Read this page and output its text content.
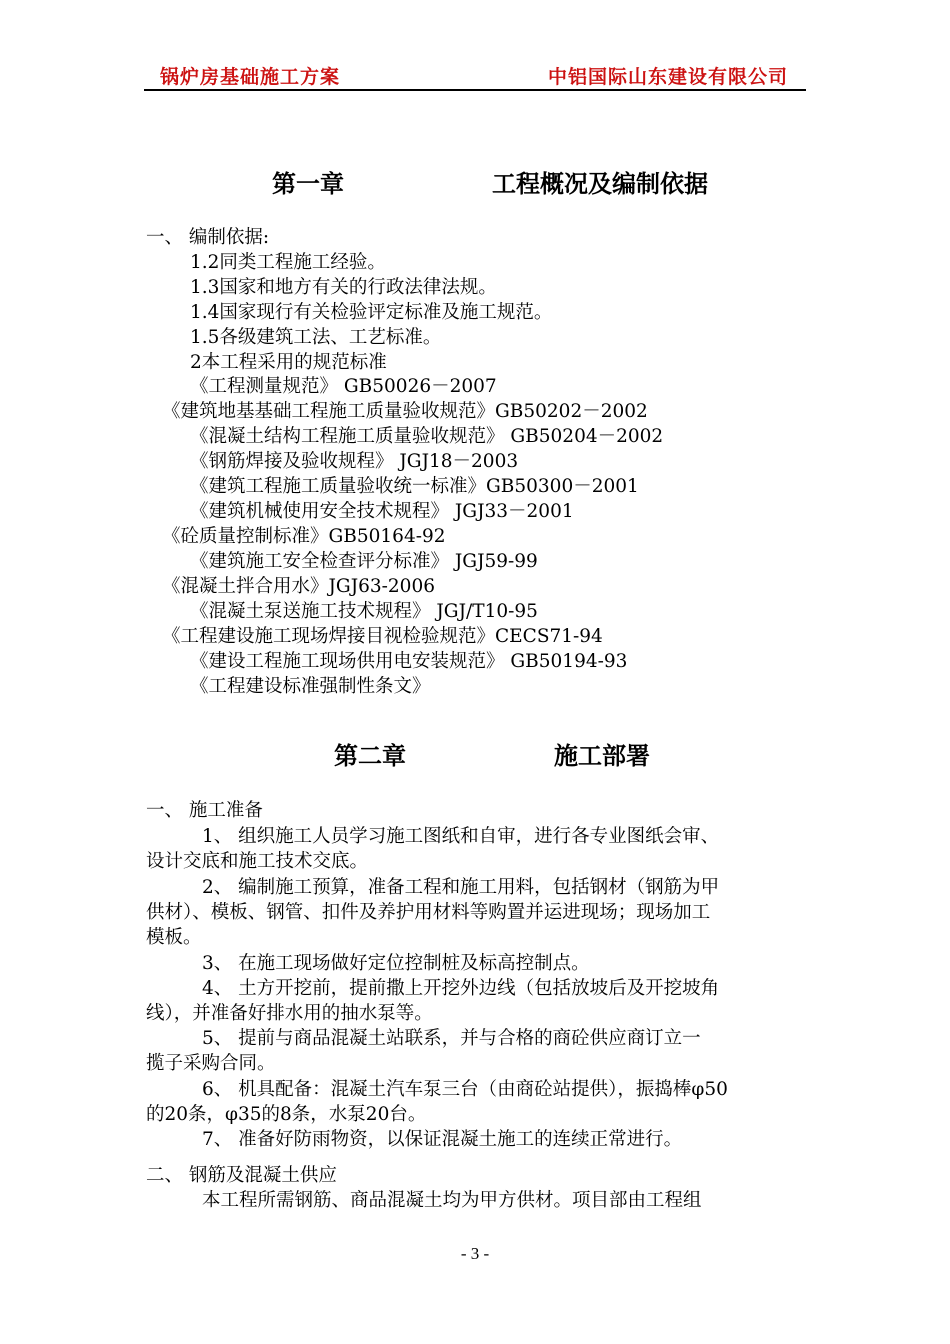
锅炉房基础施工方案	中铝国际山东建设有限公司
第一章	工程概况及编制依据
一、 编制依据:
1.2同类工程施工经验。
1.3国家和地方有关的行政法律法规。
1.4国家现行有关检验评定标准及施工规范。
1.5各级建筑工法、工艺标准。
2本工程采用的规范标准
《工程测量规范》 GB50026－2007
《建筑地基基础工程施工质量验收规范》GB50202－2002
《混凝土结构工程施工质量验收规范》 GB50204－2002
《钢筋焊接及验收规程》 JGJ18－2003
《建筑工程施工质量验收统一标准》GB50300－2001
《建筑机械使用安全技术规程》 JGJ33－2001
《砼质量控制标准》GB50164-92
《建筑施工安全检查评分标准》 JGJ59-99
《混凝土拌合用水》JGJ63-2006
《混凝土泵送施工技术规程》 JGJ/T10-95
《工程建设施工现场焊接目视检验规范》CECS71-94
《建设工程施工现场供用电安装规范》 GB50194-93
《工程建设标准强制性条文》
第二章	施工部署
一、 施工准备
1、 组织施工人员学习施工图纸和自审，进行各专业图纸会审、
设计交底和施工技术交底。
2、 编制施工预算，准备工程和施工用料，包括钢材（钢筋为甲
供材）、模板、钢管、扣件及养护用材料等购置并运进现场；现场加工
模板。
3、 在施工现场做好定位控制桩及标高控制点。
4、 土方开挖前，提前撒上开挖外边线（包括放坡后及开挖坡角
线），并准备好排水用的抽水泵等。
5、 提前与商品混凝土站联系，并与合格的商砼供应商订立一
揽子采购合同。
6、 机具配备：混凝土汽车泵三台（由商砼站提供），振捣棒φ50
的20条，φ35的8条，水泵20台。
7、 准备好防雨物资，以保证混凝土施工的连续正常进行。
二、 钢筋及混凝土供应
本工程所需钢筋、商品混凝土均为甲方供材。项目部由工程组
- 3 -
